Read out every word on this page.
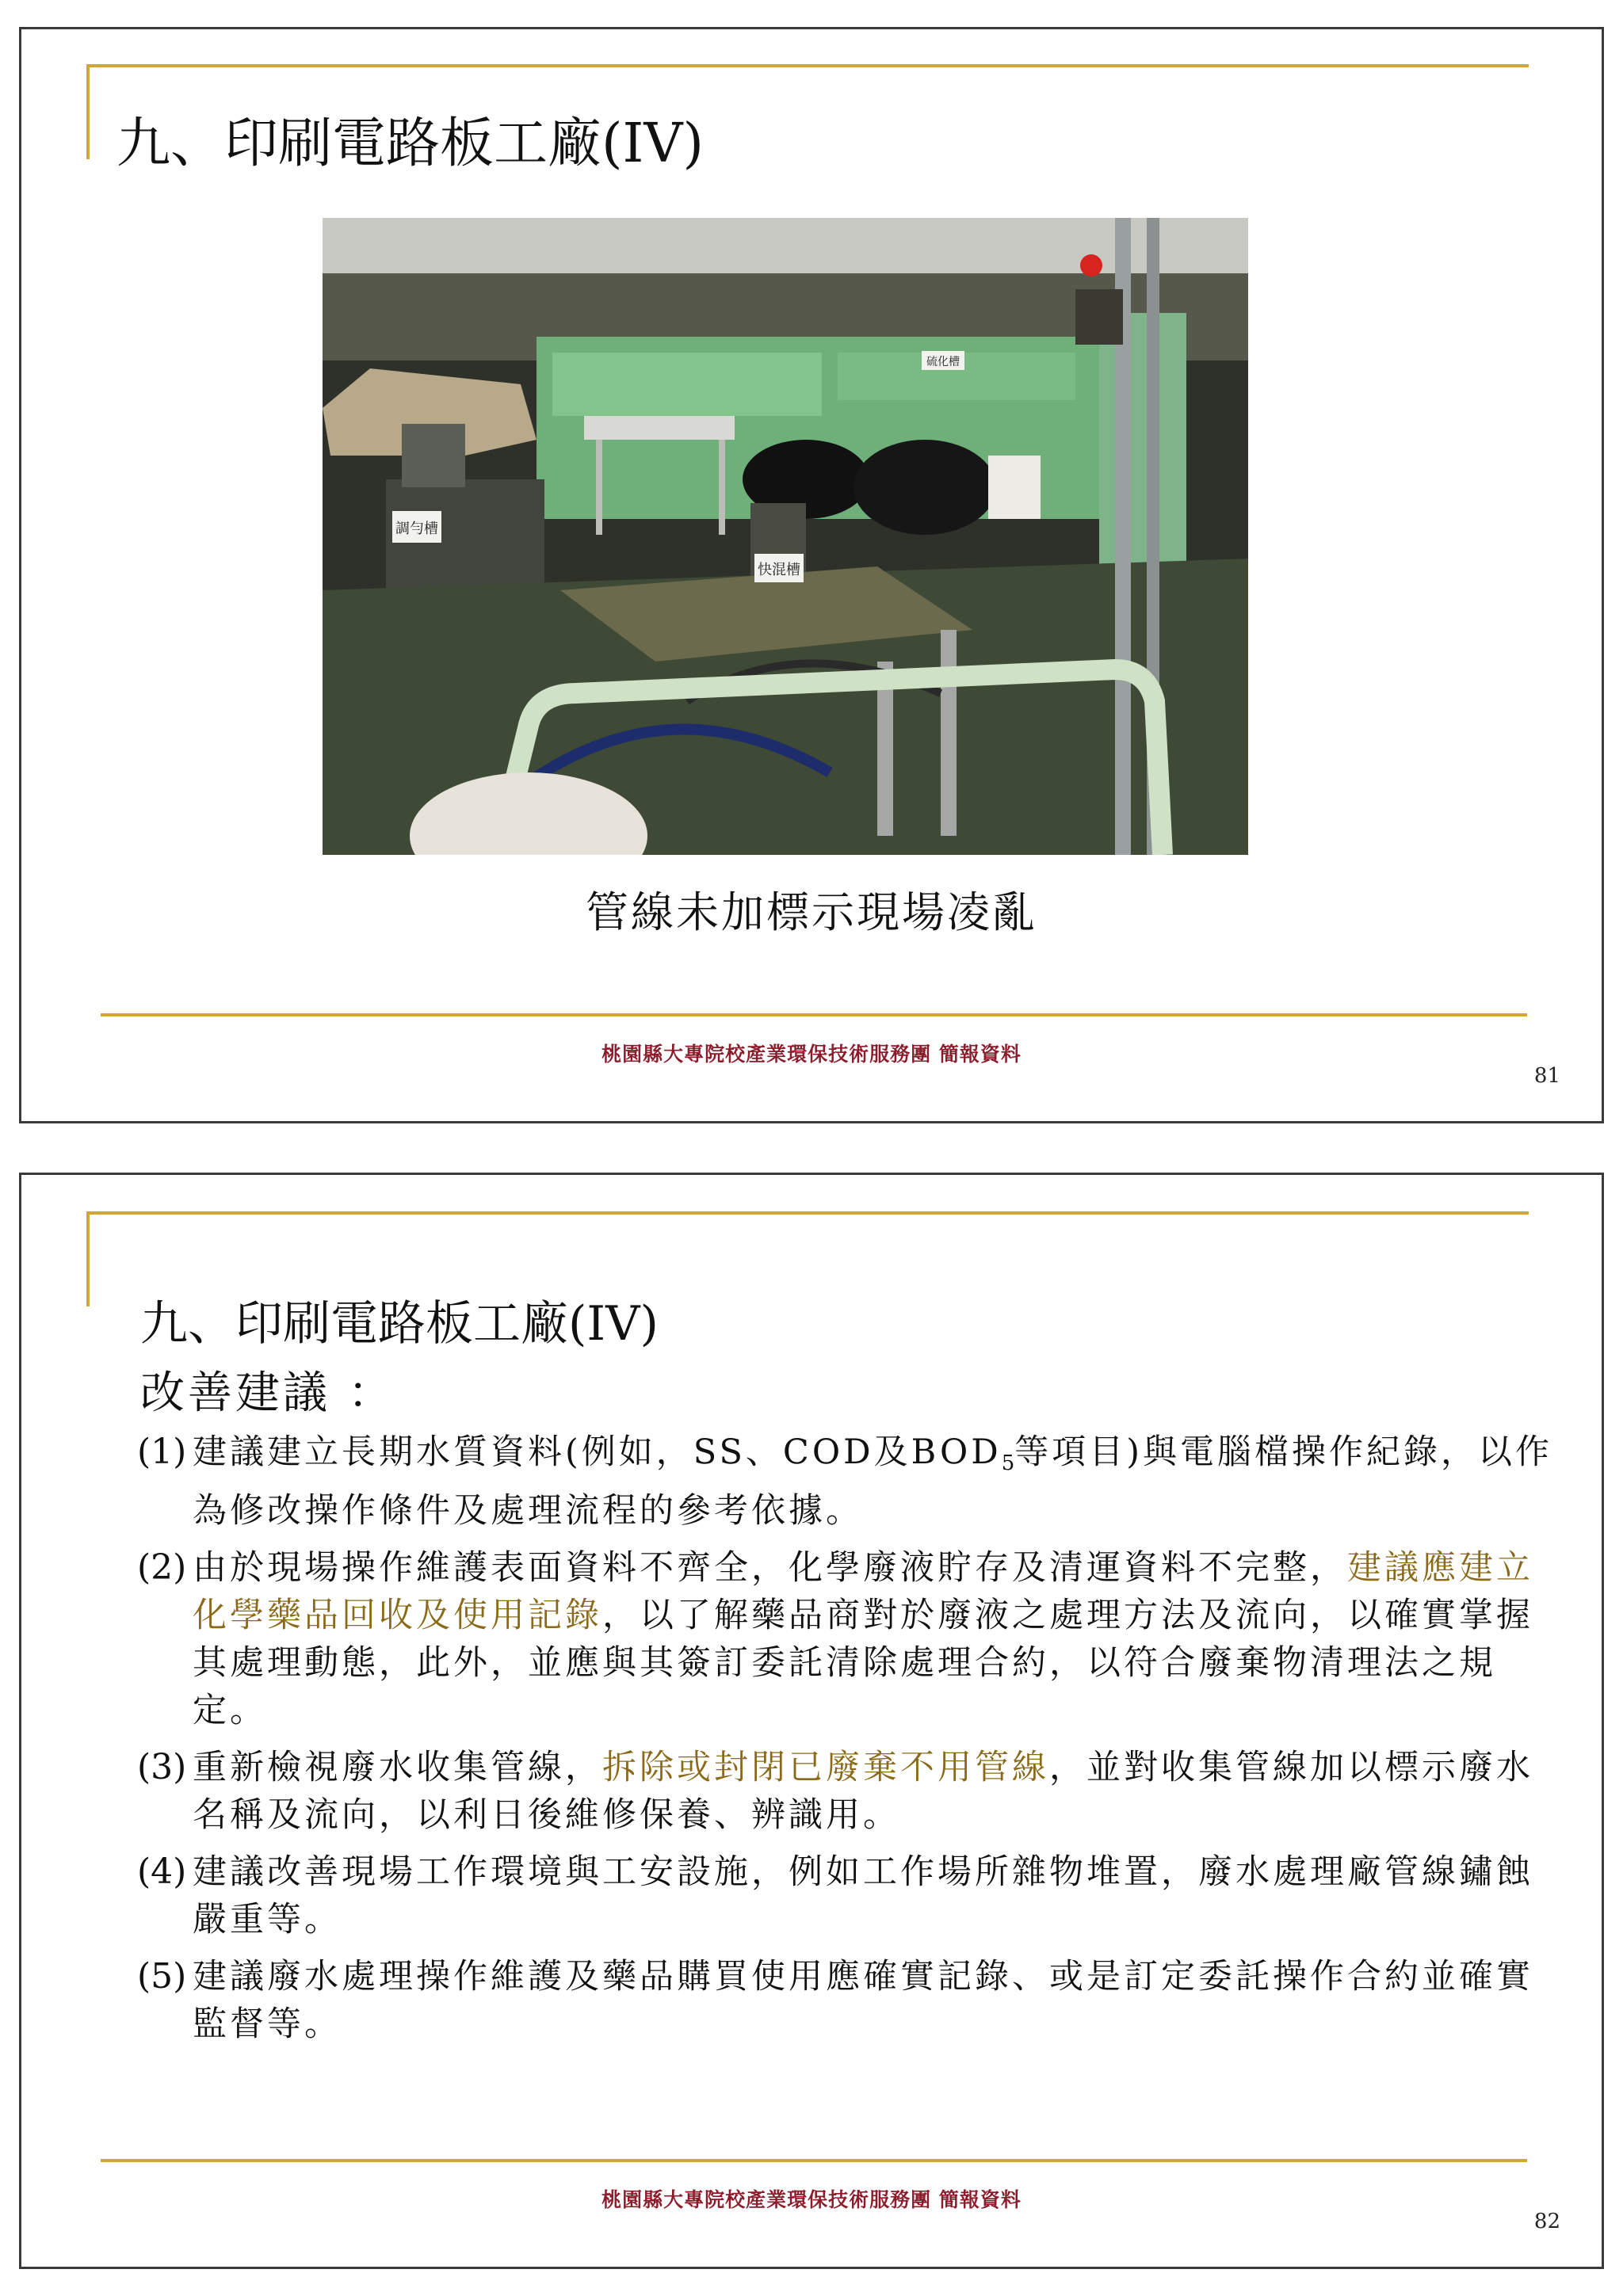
九、印刷電路板工廠(IV)
調勻槽
快混槽
硫化槽
管線未加標示現場凌亂
桃園縣大專院校產業環保技術服務團 簡報資料
81
九、印刷電路板工廠(IV)
改善建議 ：
(1) 建議建立長期水質資料(例如，SS、COD及$BOD_5$等項目)與電腦檔操作紀錄，以作為修改操作條件及處理流程的參考依據。
(2) 由於現場操作維護表面資料不齊全，化學廢液貯存及清運資料不完整，建議應建立化學藥品回收及使用記錄，以了解藥品商對於廢液之處理方法及流向，以確實掌握其處理動態，此外，並應與其簽訂委託清除處理合約，以符合廢棄物清理法之規定。
(3) 重新檢視廢水收集管線，拆除或封閉已廢棄不用管線，並對收集管線加以標示廢水名稱及流向，以利日後維修保養、辨識用。
(4) 建議改善現場工作環境與工安設施，例如工作場所雜物堆置，廢水處理廠管線鏽蝕嚴重等。
(5) 建議廢水處理操作維護及藥品購買使用應確實記錄、或是訂定委託操作合約並確實監督等。
桃園縣大專院校產業環保技術服務團 簡報資料
82
